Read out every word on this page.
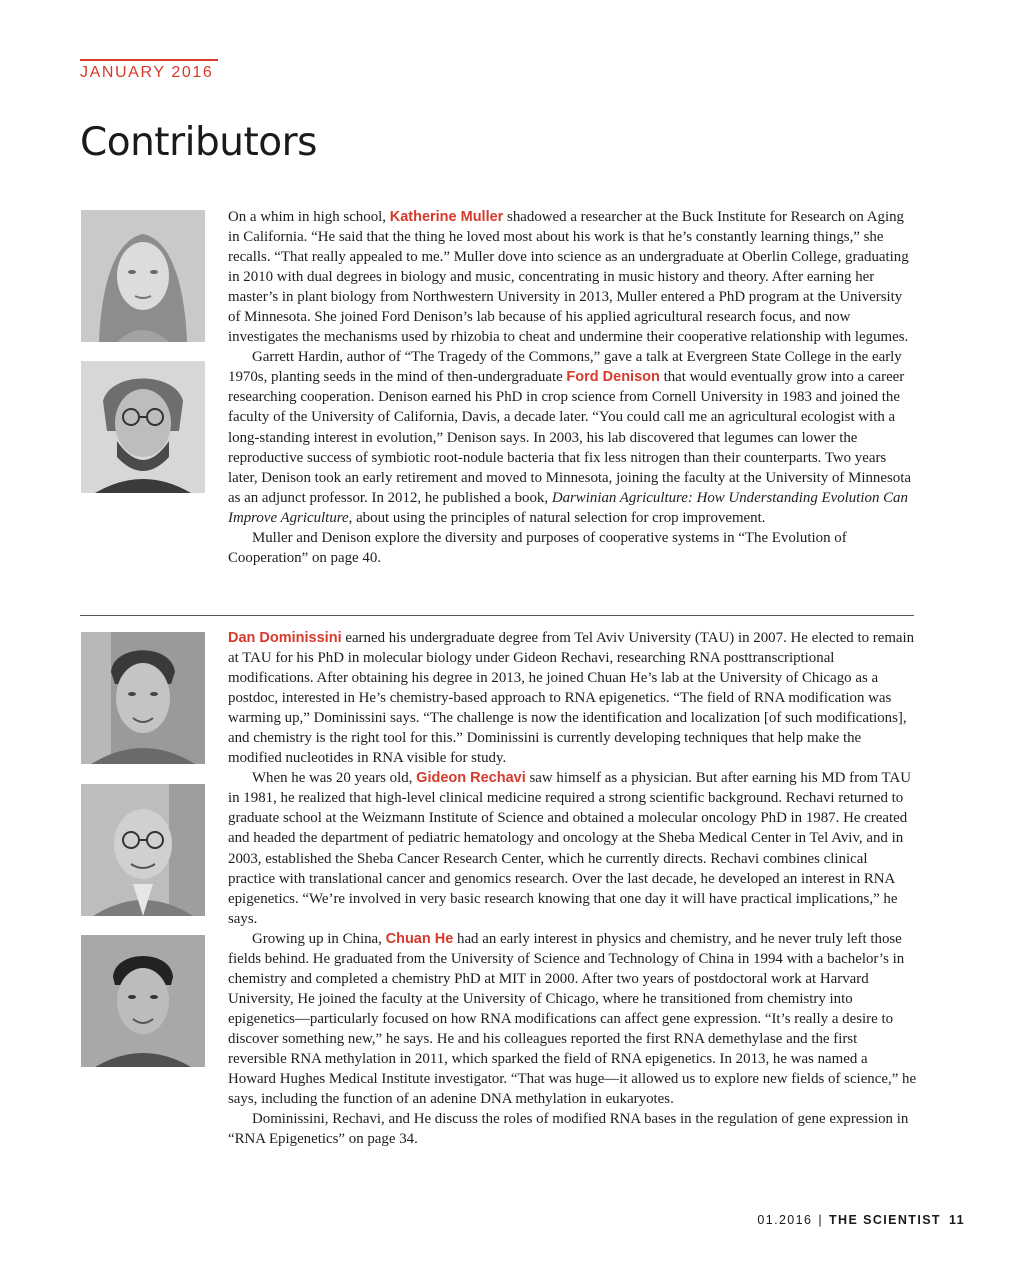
JANUARY 2016
Contributors

On a whim in high school, Katherine Muller shadowed a researcher at the Buck Institute for Research on Aging in California. “He said that the thing he loved most about his work is that he’s constantly learning things,” she recalls. “That really appealed to me.” Muller dove into science as an undergraduate at Oberlin College, graduating in 2010 with dual degrees in biology and music, concentrating in music history and theory. After earning her master’s in plant biology from Northwestern University in 2013, Muller entered a PhD program at the University of Minnesota. She joined Ford Denison’s lab because of his applied agricultural research focus, and now investigates the mechanisms used by rhizobia to cheat and undermine their cooperative relationship with legumes.

Garrett Hardin, author of “The Tragedy of the Commons,” gave a talk at Evergreen State College in the early 1970s, planting seeds in the mind of then-undergraduate Ford Denison that would eventually grow into a career researching cooperation. Denison earned his PhD in crop science from Cornell University in 1983 and joined the faculty of the University of California, Davis, a decade later. “You could call me an agricultural ecologist with a long-standing interest in evolution,” Denison says. In 2003, his lab discovered that legumes can lower the reproductive success of symbiotic root-nodule bacteria that fix less nitrogen than their counterparts. Two years later, Denison took an early retirement and moved to Minnesota, joining the faculty at the University of Minnesota as an adjunct professor. In 2012, he published a book, Darwinian Agriculture: How Understanding Evolution Can Improve Agriculture, about using the principles of natural selection for crop improvement.

Muller and Denison explore the diversity and purposes of cooperative systems in “The Evolution of Cooperation” on page 40.

Dan Dominissini earned his undergraduate degree from Tel Aviv University (TAU) in 2007. He elected to remain at TAU for his PhD in molecular biology under Gideon Rechavi, researching RNA posttranscriptional modifications. After obtaining his degree in 2013, he joined Chuan He’s lab at the University of Chicago as a postdoc, interested in He’s chemistry-based approach to RNA epigenetics. “The field of RNA modification was warming up,” Dominissini says. “The challenge is now the identification and localization [of such modifications], and chemistry is the right tool for this.” Dominissini is currently developing techniques that help make the modified nucleotides in RNA visible for study.

When he was 20 years old, Gideon Rechavi saw himself as a physician. But after earning his MD from TAU in 1981, he realized that high-level clinical medicine required a strong scientific background. Rechavi returned to graduate school at the Weizmann Institute of Science and obtained a molecular oncology PhD in 1987. He created and headed the department of pediatric hematology and oncology at the Sheba Medical Center in Tel Aviv, and in 2003, established the Sheba Cancer Research Center, which he currently directs. Rechavi combines clinical practice with translational cancer and genomics research. Over the last decade, he developed an interest in RNA epigenetics. “We’re involved in very basic research knowing that one day it will have practical implications,” he says.

Growing up in China, Chuan He had an early interest in physics and chemistry, and he never truly left those fields behind. He graduated from the University of Science and Technology of China in 1994 with a bachelor’s in chemistry and completed a chemistry PhD at MIT in 2000. After two years of postdoctoral work at Harvard University, He joined the faculty at the University of Chicago, where he transitioned from chemistry into epigenetics—particularly focused on how RNA modifications can affect gene expression. “It’s really a desire to discover something new,” he says. He and his colleagues reported the first RNA demethylase and the first reversible RNA methylation in 2011, which sparked the field of RNA epigenetics. In 2013, he was named a Howard Hughes Medical Institute investigator. “That was huge—it allowed us to explore new fields of science,” he says, including the function of an adenine DNA methylation in eukaryotes.

Dominissini, Rechavi, and He discuss the roles of modified RNA bases in the regulation of gene expression in “RNA Epigenetics” on page 34.

01.2016 | THE SCIENTIST 11
